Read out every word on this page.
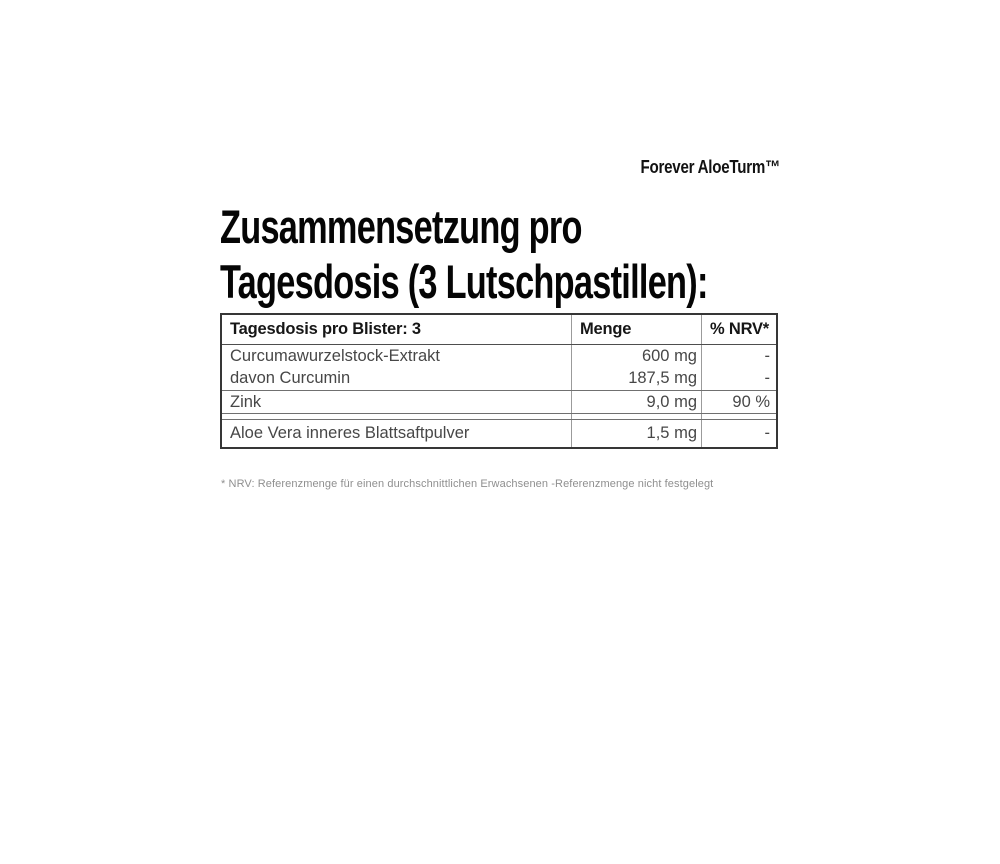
Forever AloeTurm™
Zusammensetzung pro
Tagesdosis (3 Lutschpastillen):
Tagesdosis pro Blister: 3	Menge	% NRV*
Curcumawurzelstock-Extrakt	600 mg	-
davon Curcumin	187,5 mg	-
Zink	9,0 mg	90 %
Aloe Vera inneres Blattsaftpulver	1,5 mg	-
* NRV: Referenzmenge für einen durchschnittlichen Erwachsenen -Referenzmenge nicht festgelegt
